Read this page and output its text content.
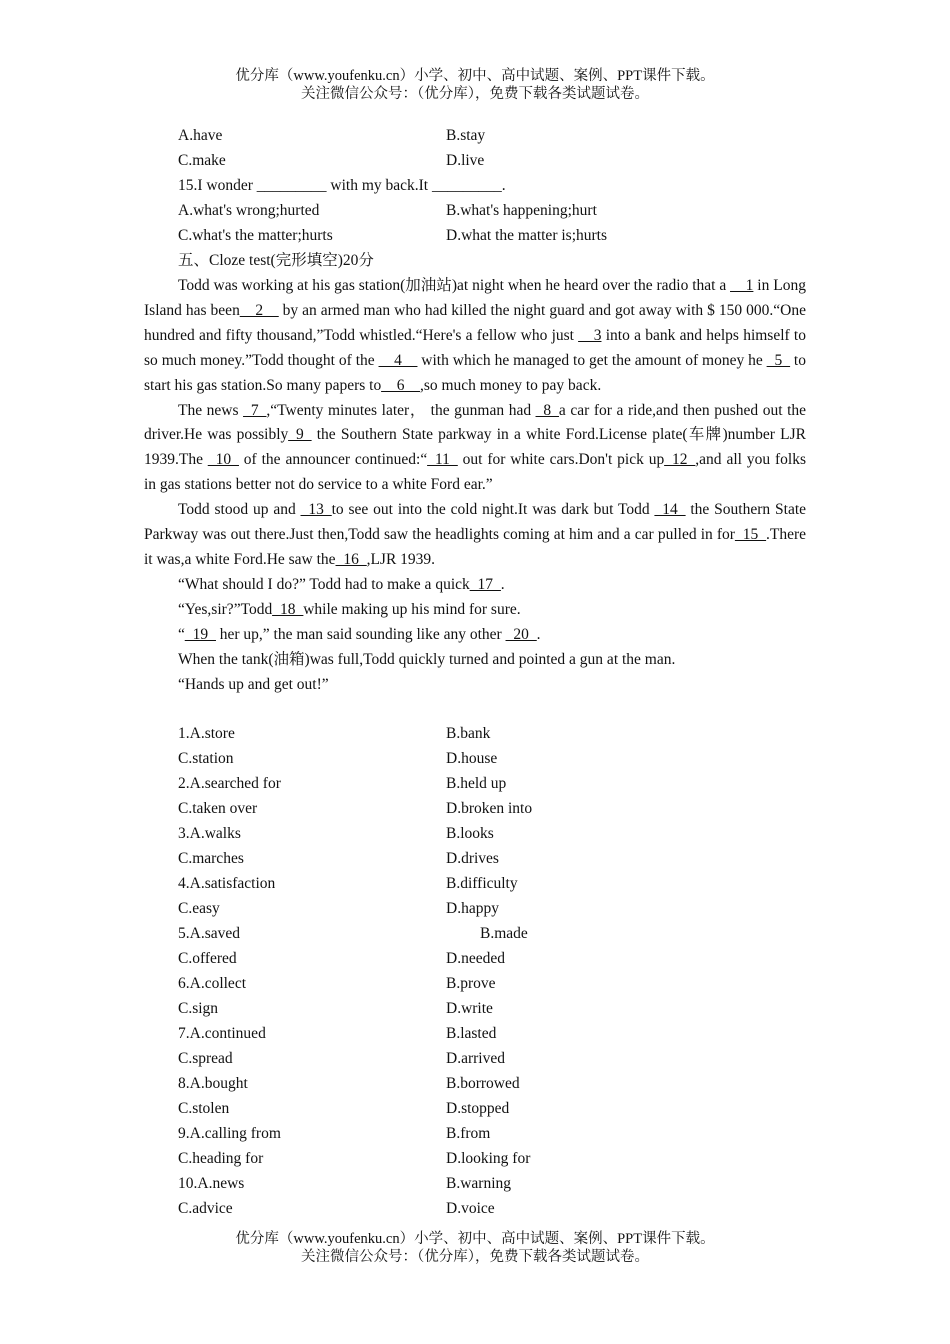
优分库（www.youfenku.cn）小学、初中、高中试题、案例、PPT课件下载。
关注微信公众号：（优分库），免费下载各类试题试卷。
A.have	B.stay
C.make	D.live
15.I wonder _________ with my back.It _________.
A.what's wrong;hurted	B.what's happening;hurt
C.what's the matter;hurts	D.what the matter is;hurts
五、Cloze test(完形填空)20分

Todd was working at his gas station(加油站)at night when he heard over the radio that a __1 in Long Island has been__2__ by an armed man who had killed the night guard and got away with $ 150 000.“One hundred and fifty thousand,”Todd whistled.“Here's a fellow who just __3 into a bank and helps himself to so much money.”Todd thought of the __4__ with which he managed to get the amount of money he _5_ to start his gas station.So many papers to__6__,so much money to pay back.

The news _7_,“Twenty minutes later， the gunman had _8_a car for a ride,and then pushed out the driver.He was possibly_9_ the Southern State parkway in a white Ford.License plate(车牌)number LJR 1939.The _10_ of the announcer continued:“_11_ out for white cars.Don't pick up_12_,and all you folks in gas stations better not do service to a white Ford ear.”

Todd stood up and _13_to see out into the cold night.It was dark but Todd _14_ the Southern State Parkway was out there.Just then,Todd saw the headlights coming at him and a car pulled in for_15_.There it was,a white Ford.He saw the_16_,LJR 1939.

“What should I do?” Todd had to make a quick_17_.

“Yes,sir?”Todd_18_while making up his mind for sure.

“_19_ her up,” the man said sounding like any other _20_.

When the tank(油箱)was full,Todd quickly turned and pointed a gun at the man.

“Hands up and get out!”

1.A.store	B.bank
C.station	D.house
2.A.searched for	B.held up
C.taken over	D.broken into
3.A.walks	B.looks
C.marches	D.drives
4.A.satisfaction	B.difficulty
C.easy	D.happy
5.A.saved	B.made
C.offered	D.needed
6.A.collect	B.prove
C.sign	D.write
7.A.continued	B.lasted
C.spread	D.arrived
8.A.bought	B.borrowed
C.stolen	D.stopped
9.A.calling from	B.from
C.heading for	D.looking for
10.A.news	B.warning
C.advice	D.voice
优分库（www.youfenku.cn）小学、初中、高中试题、案例、PPT课件下载。
关注微信公众号：（优分库），免费下载各类试题试卷。
